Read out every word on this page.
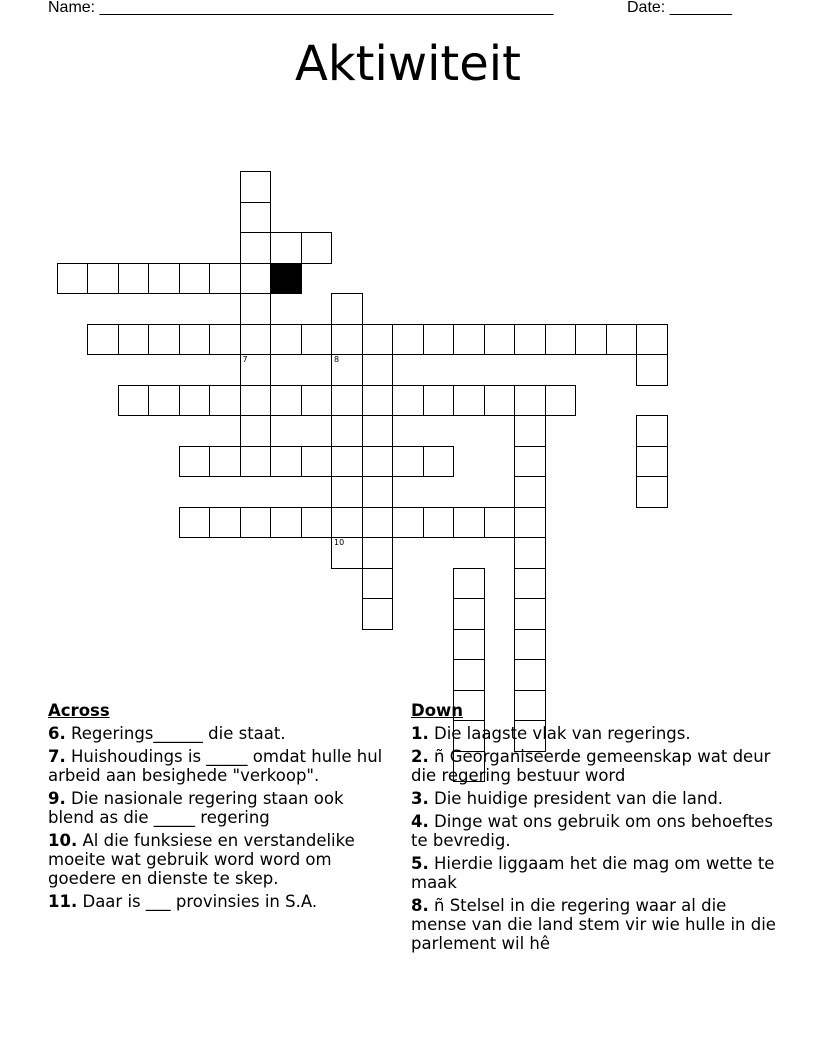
Name: ___________________________________________________	Date: _______
Aktiwiteit
7	8
10
Across
6. Regerings______ die staat.
7. Huishoudings is _____ omdat hulle hul arbeid aan besighede "verkoop".
9. Die nasionale regering staan ook blend as die _____ regering
10. Al die funksiese en verstandelike moeite wat gebruik word word om goedere en dienste te skep.
11. Daar is ___ provinsies in S.A.
Down
1. Die laagste vlak van regerings.
2. ñ Georganiseerde gemeenskap wat deur die regering bestuur word
3. Die huidige president van die land.
4. Dinge wat ons gebruik om ons behoeftes te bevredig.
5. Hierdie liggaam het die mag om wette te maak
8. ñ Stelsel in die regering waar al die mense van die land stem vir wie hulle in die parlement wil hê
